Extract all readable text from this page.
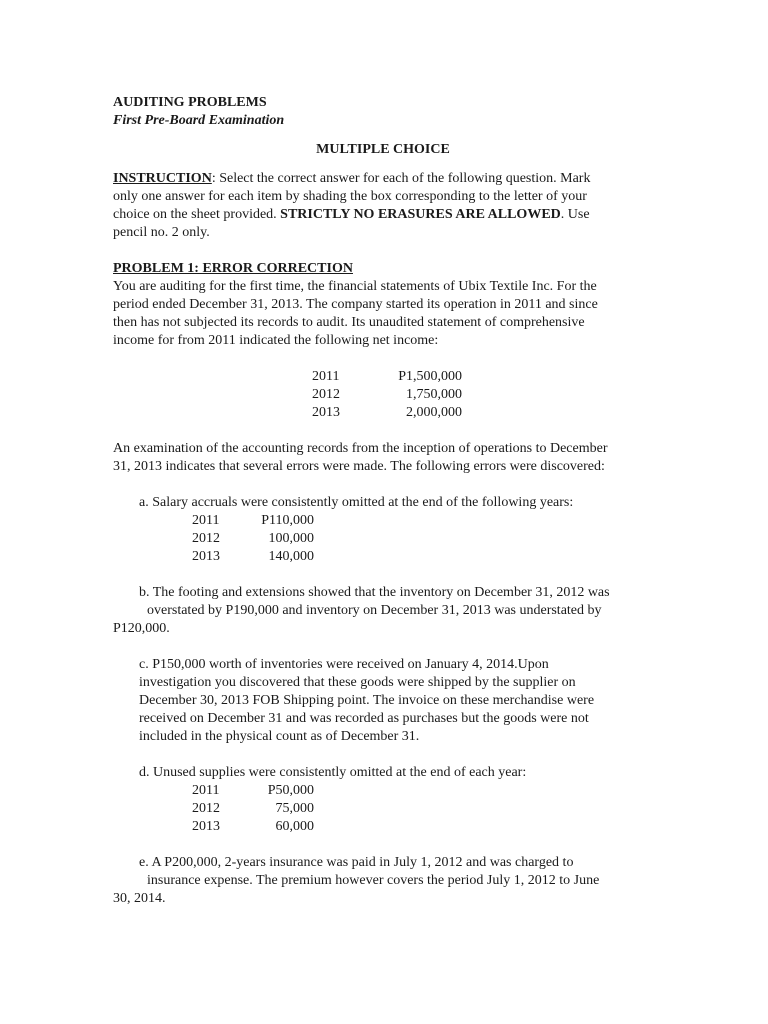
AUDITING PROBLEMS
First Pre-Board Examination
MULTIPLE CHOICE
INSTRUCTION: Select the correct answer for each of the following question. Mark
only one answer for each item by shading the box corresponding to the letter of your
choice on the sheet provided. STRICTLY NO ERASURES ARE ALLOWED. Use
pencil no. 2 only.
PROBLEM 1: ERROR CORRECTION
You are auditing for the first time, the financial statements of Ubix Textile Inc. For the
period ended December 31, 2013. The company started its operation in 2011 and since
then has not subjected its records to audit. Its unaudited statement of comprehensive
income for from 2011 indicated the following net income:
2011	P1,500,000
2012	1,750,000
2013	2,000,000
An examination of the accounting records from the inception of operations to December
31, 2013 indicates that several errors were made. The following errors were discovered:
a. Salary accruals were consistently omitted at the end of the following years:
2011	P110,000
2012	100,000
2013	140,000
b. The footing and extensions showed that the inventory on December 31, 2012 was
overstated by P190,000 and inventory on December 31, 2013 was understated by
P120,000.
c. P150,000 worth of inventories were received on January 4, 2014.Upon
investigation you discovered that these goods were shipped by the supplier on
December 30, 2013 FOB Shipping point. The invoice on these merchandise were
received on December 31 and was recorded as purchases but the goods were not
included in the physical count as of December 31.
d. Unused supplies were consistently omitted at the end of each year:
2011	P50,000
2012	75,000
2013	60,000
e. A P200,000, 2-years insurance was paid in July 1, 2012 and was charged to
insurance expense. The premium however covers the period July 1, 2012 to June
30, 2014.
